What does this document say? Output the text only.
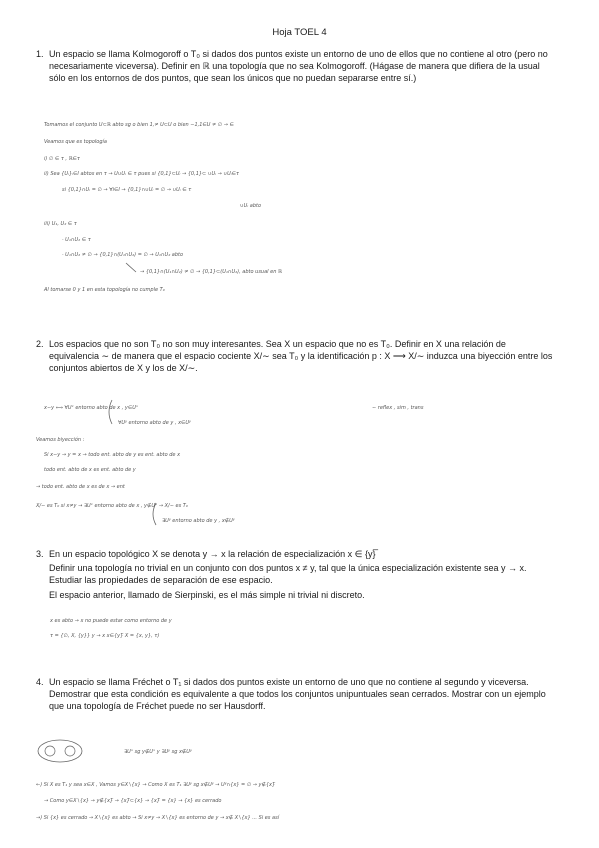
Hoja TOEL 4
1. Un espacio se llama Kolmogoroff o T₀ si dados dos puntos existe un entorno de uno de ellos que no contiene al otro (pero no necesariamente viceversa). Definir en ℝ una topología que no sea Kolmogoroff. (Hágase de manera que difiera de la usual sólo en los entornos de dos puntos, que sean los únicos que no puedan separarse entre sí.)

2. Los espacios que no son T₀ no son muy interesantes. Sea X un espacio que no es T₀. Definir en X una relación de equivalencia ∼ de manera que el espacio cociente X/∼ sea T₀ y la identificación p : X ⟶ X/∼ induzca una biyección entre los conjuntos abiertos de X y los de X/∼.

3. En un espacio topológico X se denota y → x la relación de especialización x ∈ {y}̅

Definir una topología no trivial en un conjunto con dos puntos x ≠ y, tal que la única especialización existente sea y → x. Estudiar las propiedades de separación de ese espacio.

El espacio anterior, llamado de Sierpinski, es el más simple ni trivial ni discreto.

4. Un espacio se llama Fréchet o T₁ si dados dos puntos existe un entorno de uno que no contiene al segundo y viceversa. Demostrar que esta condición es equivalente a que todos los conjuntos unipuntuales sean cerrados. Mostrar con un ejemplo que una topología de Fréchet puede no ser Hausdorff.

Tomamos el conjunto U⊂ℝ abto sg o bien 1,≠ U⊂U o bien −1,1∈U ≠ ∅ → ∈
Veamos que es topología
i) ∅ ∈ τ , ℝ∈τ
ii) Sea {Uᵢ}ᵢ∈I abtos en τ → U∪Uᵢ ∈ τ pues si {0,1}⊂Uᵢ → {0,1}⊂ ∪Uᵢ → ∪Uᵢ∈τ
si {0,1}∩Uᵢ = ∅ → ∀i∈I → {0,1}∩∪Uᵢ = ∅ → ∪Uᵢ ∈ τ
∪Uᵢ abto
iii) U₁, U₂ ∈ τ
· U₁∩U₂ ∈ τ
· U₁∩U₂ ≠ ∅ → {0,1}∩(U₁∩U₂) = ∅ → U₁∩U₂ abto
→ {0,1}∩(U₁∩U₂) ≠ ∅ → {0,1}⊂(U₁∩U₂), abto usual en ℝ
Al tomarse 0 y 1 en esta topología no cumple T₀
x∼y ⟺ ∀Uˣ entorno abto de x , y∈Uˣ
∀Uʸ entorno abto de y , x∈Uʸ
∼ reflex , sim , trans
Veamos biyección :
Si x∼y → y = x → todo ent. abto de y es ent. abto de x
todo ent. abto de x es ent. abto de y
→ todo ent. abto de x es de x → ent
X/∼ es T₀ si x≠y → ∃Uˣ entorno abto de x , y∉Uˣ → X/∼ es T₀
∃Uʸ entorno abto de y , x∉Uʸ
x es abto → x no puede estar como entorno de y
τ = {∅, X, {y}} y → x x∈{y}̅ X = {x, y}, τ)
∃Uˣ sg y∉Uˣ y ∃Uʸ sg x∉Uʸ
←) Si X es T₁ y sea x∈X , Vamos y∈X∖{x} → Como X es T₁ ∃Uʸ sg x∉Uʸ → Uʸ∩{x} = ∅ → y∉{x}̅
→ Como y∈X∖{x} → y∉{x}̅ → {x}̅⊂{x} → {x}̅ = {x} → {x} es cerrado
→) Si {x} es cerrado → X∖{x} es abto → Si x≠y → X∖{x} es entorno de y → x∉ X∖{x} ... Si es así
